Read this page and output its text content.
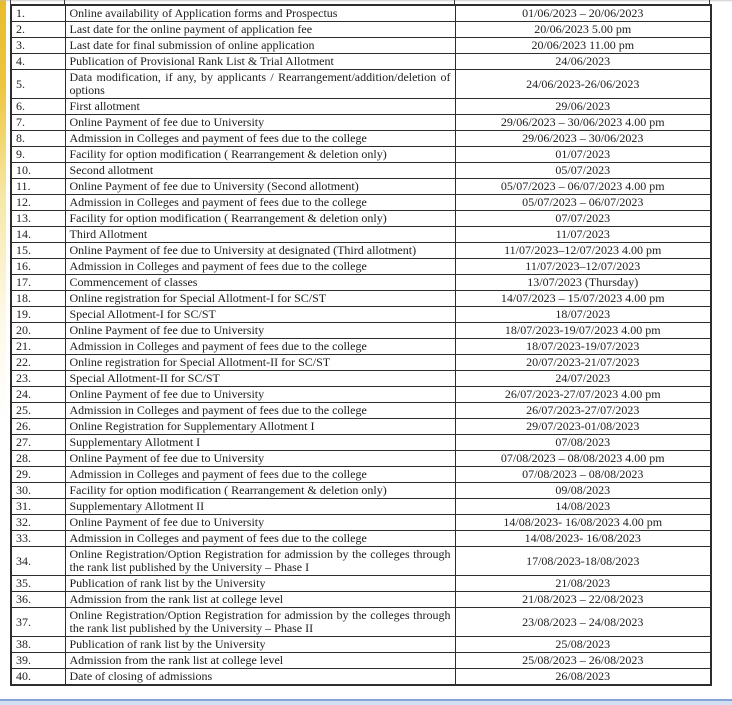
1.	Online availability of Application forms and Prospectus	01/06/2023 – 20/06/2023
2.	Last date for the online payment of application fee	20/06/2023 5.00 pm
3.	Last date for final submission of online application	20/06/2023 11.00 pm
4.	Publication of Provisional Rank List & Trial Allotment	24/06/2023
5.	Data modification, if any, by applicants / Rearrangement/addition/deletion of options	24/06/2023-26/06/2023
6.	First allotment	29/06/2023
7.	Online Payment of fee due to University	29/06/2023 – 30/06/2023 4.00 pm
8.	Admission in Colleges and payment of fees due to the college	29/06/2023 – 30/06/2023
9.	Facility for option modification ( Rearrangement & deletion only)	01/07/2023
10.	Second allotment	05/07/2023
11.	Online Payment of fee due to University (Second allotment)	05/07/2023 – 06/07/2023 4.00 pm
12.	Admission in Colleges and payment of fees due to the college	05/07/2023 – 06/07/2023
13.	Facility for option modification ( Rearrangement & deletion only)	07/07/2023
14.	Third Allotment	11/07/2023
15.	Online Payment of fee due to University at designated (Third allotment)	11/07/2023–12/07/2023 4.00 pm
16.	Admission in Colleges and payment of fees due to the college	11/07/2023–12/07/2023
17.	Commencement of classes	13/07/2023 (Thursday)
18.	Online registration for Special Allotment-I for SC/ST	14/07/2023 – 15/07/2023 4.00 pm
19.	Special Allotment-I for SC/ST	18/07/2023
20.	Online Payment of fee due to University	18/07/2023-19/07/2023 4.00 pm
21.	Admission in Colleges and payment of fees due to the college	18/07/2023-19/07/2023
22.	Online registration for Special Allotment-II for SC/ST	20/07/2023-21/07/2023
23.	Special Allotment-II for SC/ST	24/07/2023
24.	Online Payment of fee due to University	26/07/2023-27/07/2023 4.00 pm
25.	Admission in Colleges and payment of fees due to the college	26/07/2023-27/07/2023
26.	Online Registration for Supplementary Allotment I	29/07/2023-01/08/2023
27.	Supplementary Allotment I	07/08/2023
28.	Online Payment of fee due to University	07/08/2023 – 08/08/2023 4.00 pm
29.	Admission in Colleges and payment of fees due to the college	07/08/2023 – 08/08/2023
30.	Facility for option modification ( Rearrangement & deletion only)	09/08/2023
31.	Supplementary Allotment II	14/08/2023
32.	Online Payment of fee due to University	14/08/2023- 16/08/2023 4.00 pm
33.	Admission in Colleges and payment of fees due to the college	14/08/2023- 16/08/2023
34.	Online Registration/Option Registration for admission by the colleges through the rank list published by the University – Phase I	17/08/2023-18/08/2023
35.	Publication of rank list by the University	21/08/2023
36.	Admission from the rank list at college level	21/08/2023 – 22/08/2023
37.	Online Registration/Option Registration for admission by the colleges through the rank list published by the University – Phase II	23/08/2023 – 24/08/2023
38.	Publication of rank list by the University	25/08/2023
39.	Admission from the rank list at college level	25/08/2023 – 26/08/2023
40.	Date of closing of admissions	26/08/2023
